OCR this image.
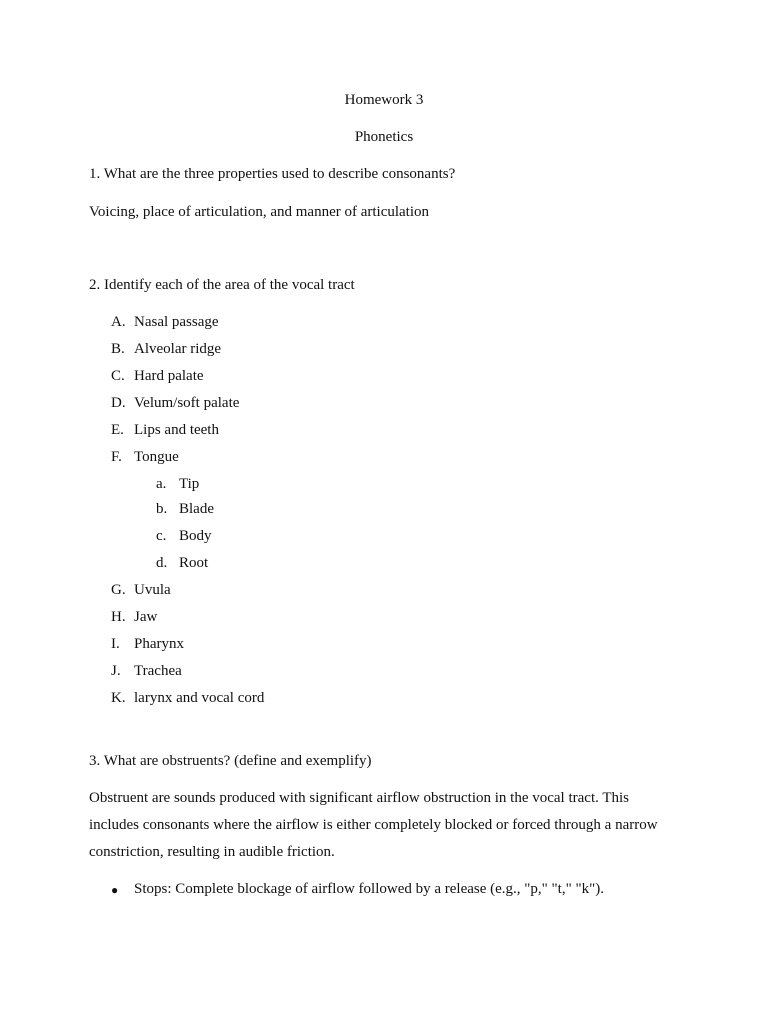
Homework 3
Phonetics
1. What are the three properties used to describe consonants?
Voicing, place of articulation, and manner of articulation
2. Identify each of the area of the vocal tract
A. Nasal passage
B. Alveolar ridge
C. Hard palate
D. Velum/soft palate
E. Lips and teeth
F. Tongue
a. Tip
b. Blade
c. Body
d. Root
G. Uvula
H. Jaw
I. Pharynx
J. Trachea
K. larynx and vocal cord
3. What are obstruents? (define and exemplify)
Obstruent are sounds produced with significant airflow obstruction in the vocal tract. This includes consonants where the airflow is either completely blocked or forced through a narrow constriction, resulting in audible friction.
● Stops: Complete blockage of airflow followed by a release (e.g., "p," "t," "k").
